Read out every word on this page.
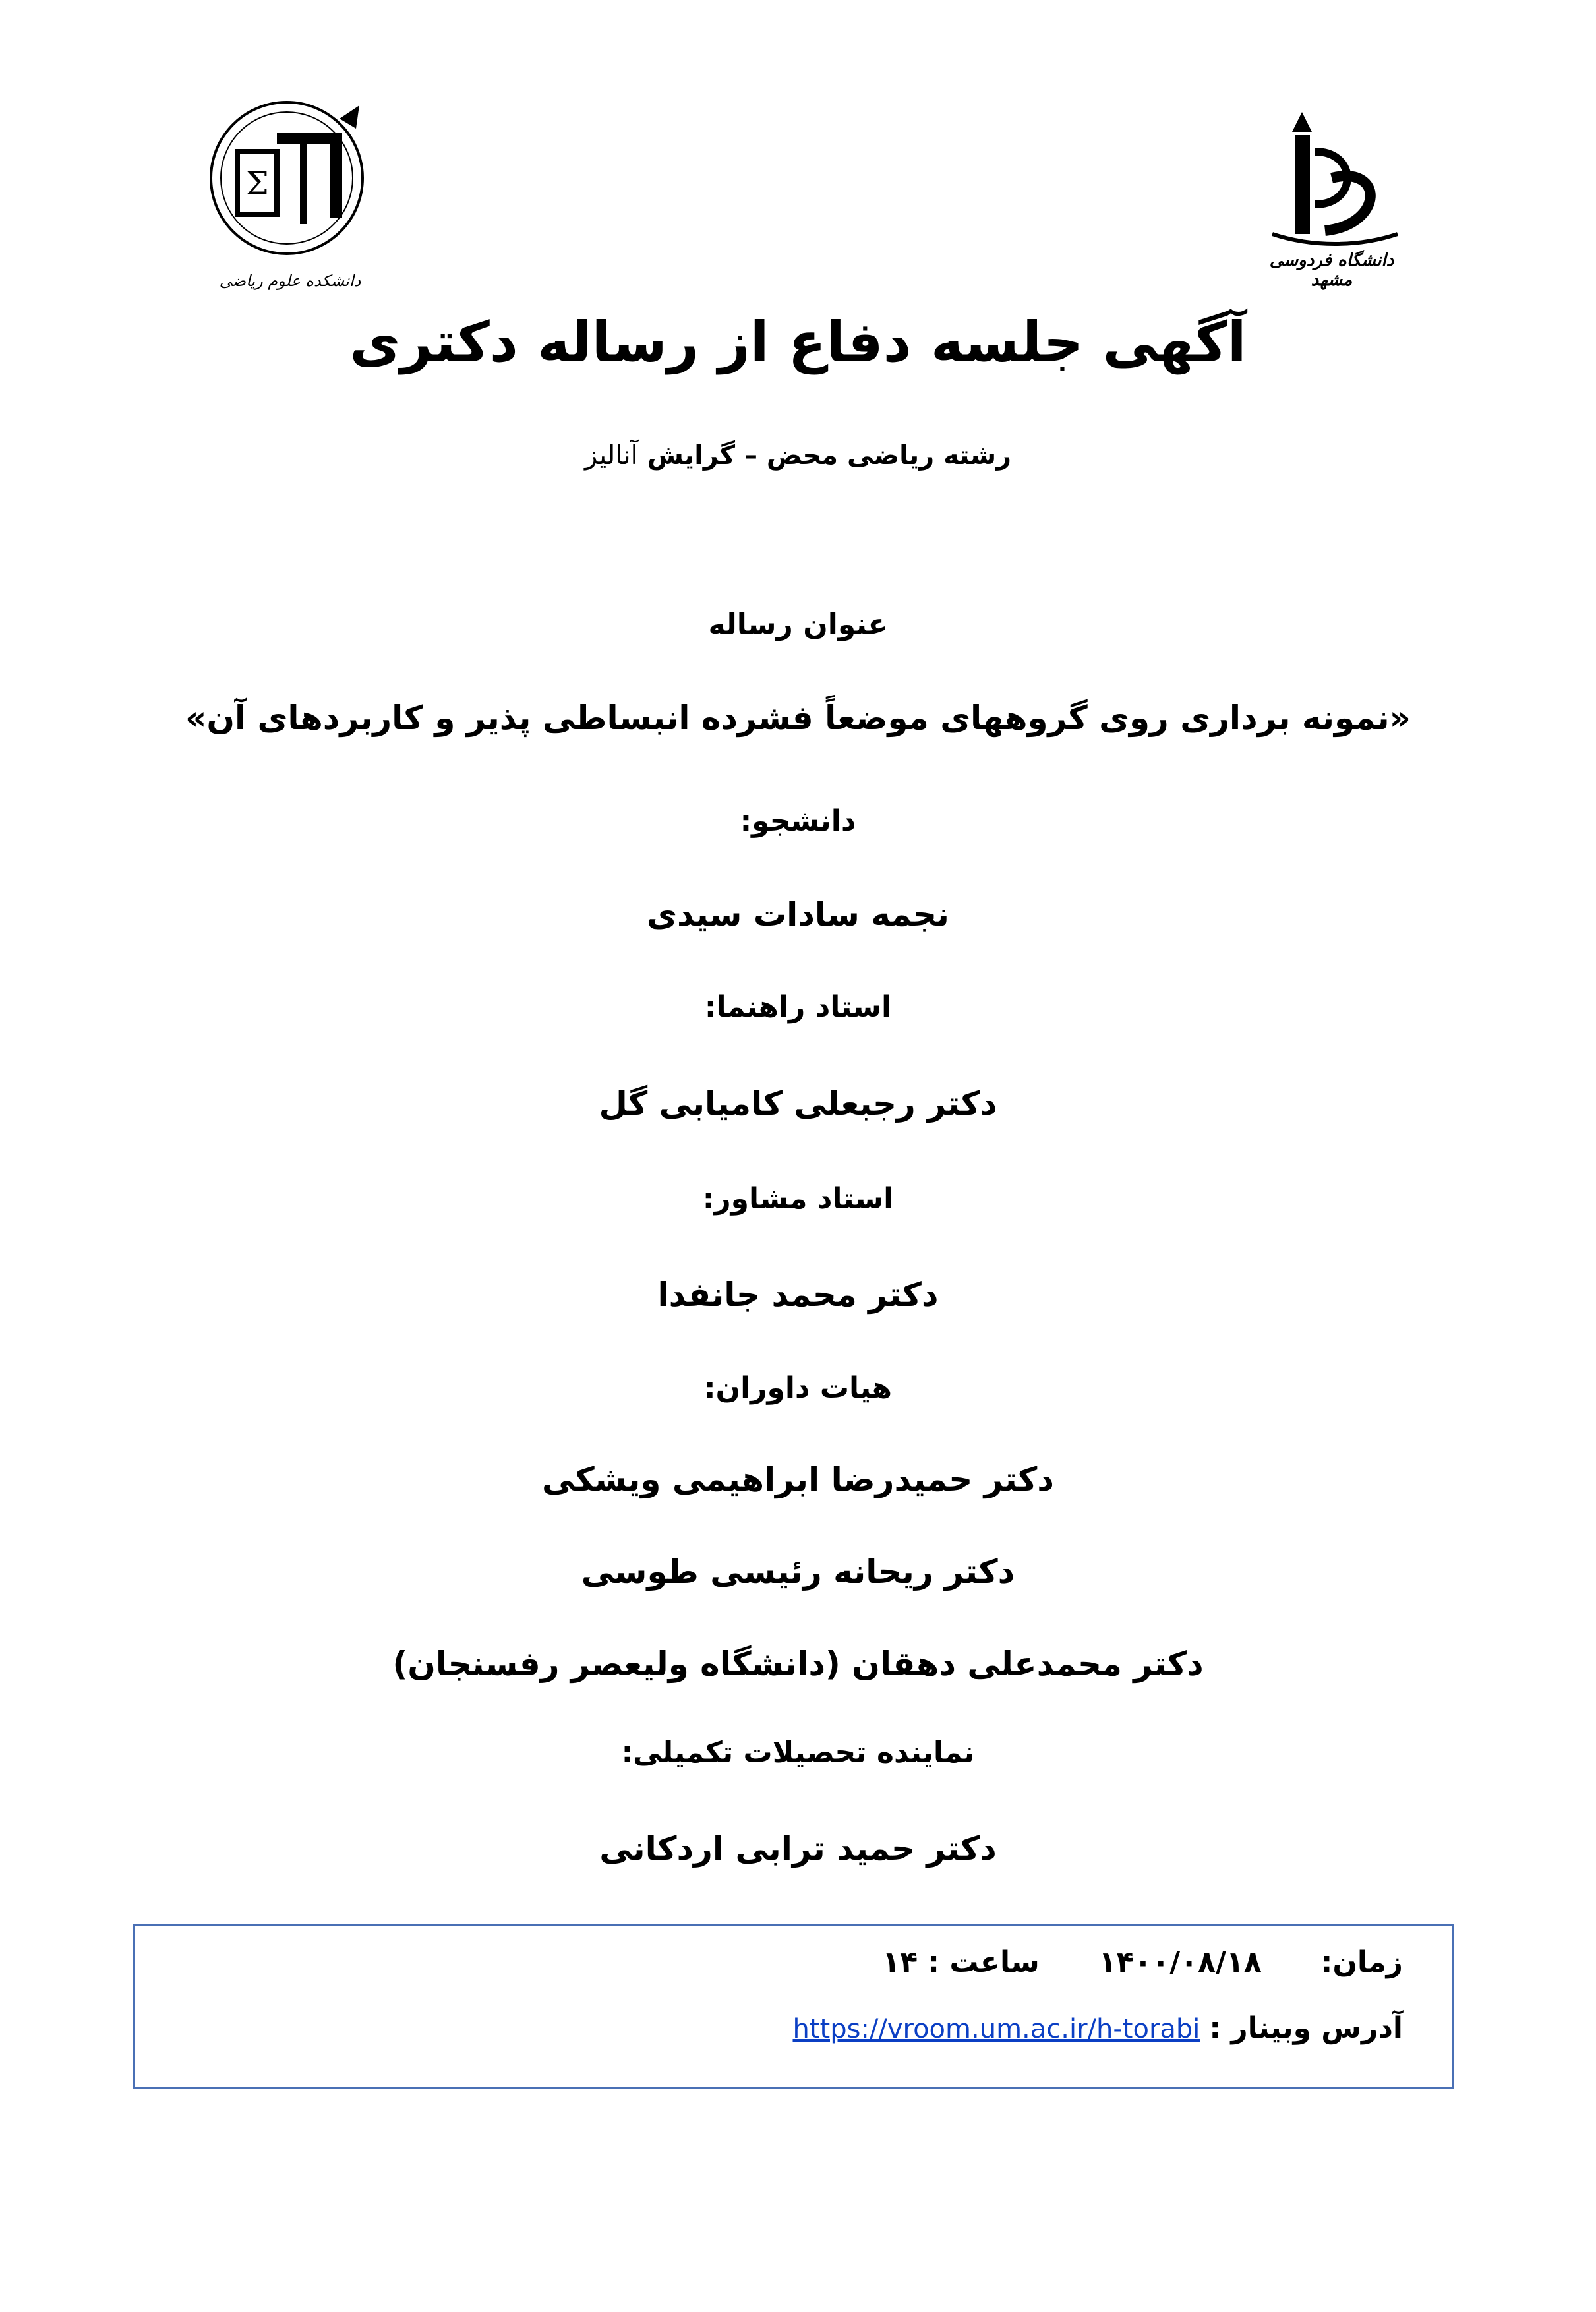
Σ
دانشکده علوم ریاضی
دانشگاه فردوسی مشهد
آگهی جلسه دفاع از رساله دکتری
رشته ریاضی محض – گرایش آنالیز
عنوان رساله
«نمونه برداری روی گروههای موضعاً فشرده انبساطی پذیر و کاربردهای آن»
دانشجو:
نجمه سادات سیدی
استاد راهنما:
دکتر رجبعلی کامیابی گل
استاد مشاور:
دکتر محمد جانفدا
هیات داوران:
دکتر حمیدرضا ابراهیمی ویشکی
دکتر ریحانه رئیسی طوسی
دکتر محمدعلی دهقان (دانشگاه ولیعصر رفسنجان)
نماینده تحصیلات تکمیلی:
دکتر حمید ترابی اردکانی
زمان:
۱۴۰۰/۰۸/۱۸
ساعت : ۱۴
آدرس وبینار :
https://vroom.um.ac.ir/h-torabi
